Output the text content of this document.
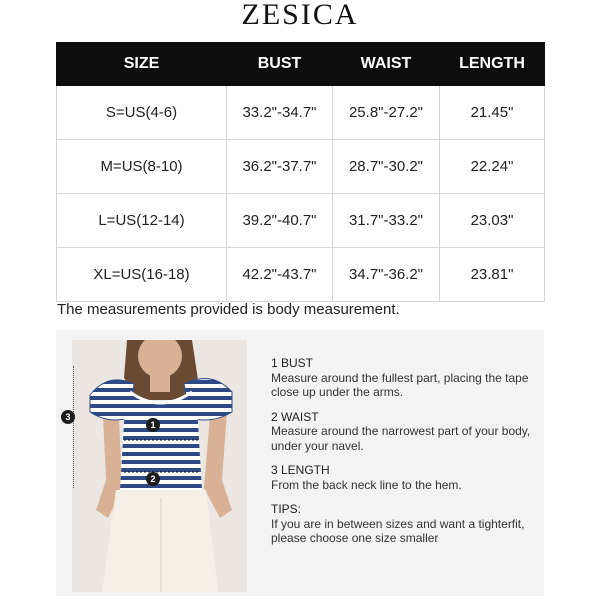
ZESICA
SIZE	BUST	WAIST	LENGTH
S=US(4-6)	33.2"-34.7"	25.8"-27.2"	21.45"
M=US(8-10)	36.2"-37.7"	28.7"-30.2"	22.24"
L=US(12-14)	39.2"-40.7"	31.7"-33.2"	23.03"
XL=US(16-18)	42.2"-43.7"	34.7"-36.2"	23.81"
The measurements provided is body measurement.
3
1
2
1 BUST
Measure around the fullest part, placing the tape close up under the arms.
2 WAIST
Measure around the narrowest part of your body, under your navel.
3 LENGTH
From the back neck line to the hem.
TIPS:
If you are in between sizes and want a tighterfit, please choose one size smaller
